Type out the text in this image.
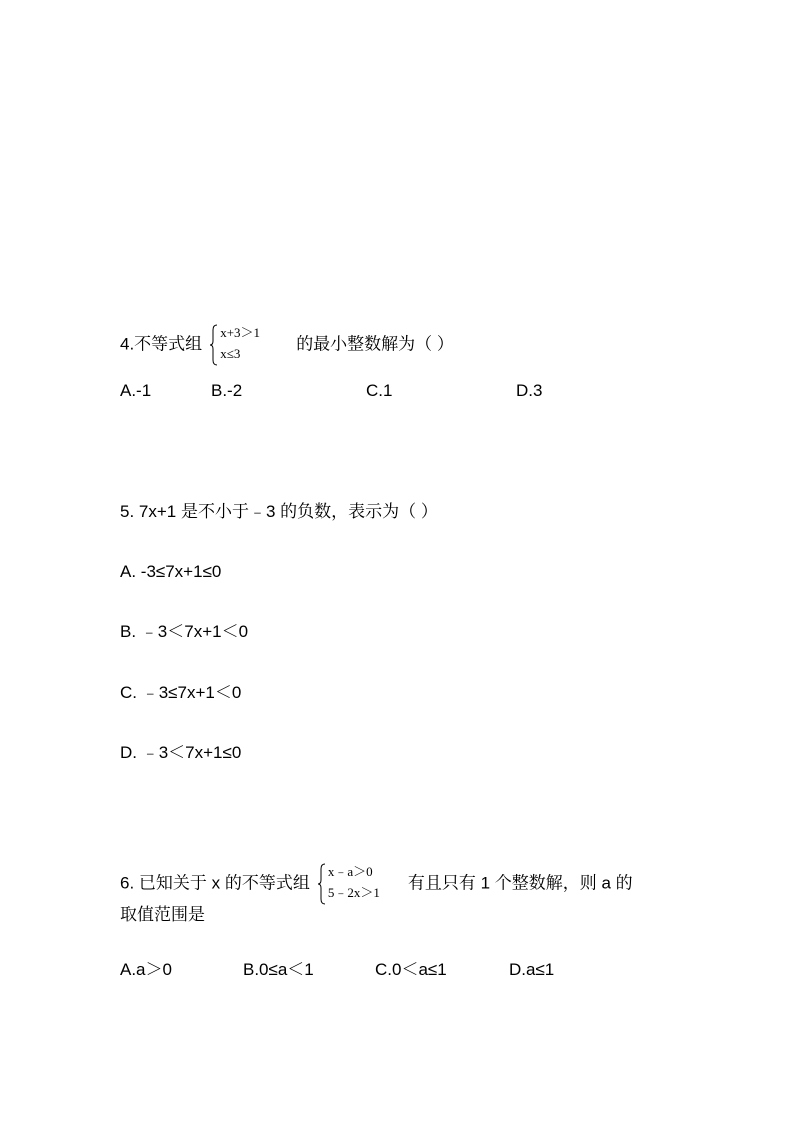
4.不等式组
x+3＞1
x≤3
的最小整数解为（ ）
A.-1	B.-2	C.1	D.3
5. 7x+1 是不小于﹣3 的负数，表示为（ ）
A. -3≤7x+1≤0
B. ﹣3＜7x+1＜0
C. ﹣3≤7x+1＜0
D. ﹣3＜7x+1≤0
6. 已知关于 x 的不等式组
x﹣a＞0
5﹣2x＞1
有且只有 1 个整数解，则 a 的
取值范围是
A.a＞0	B.0≤a＜1	C.0＜a≤1	D.a≤1
